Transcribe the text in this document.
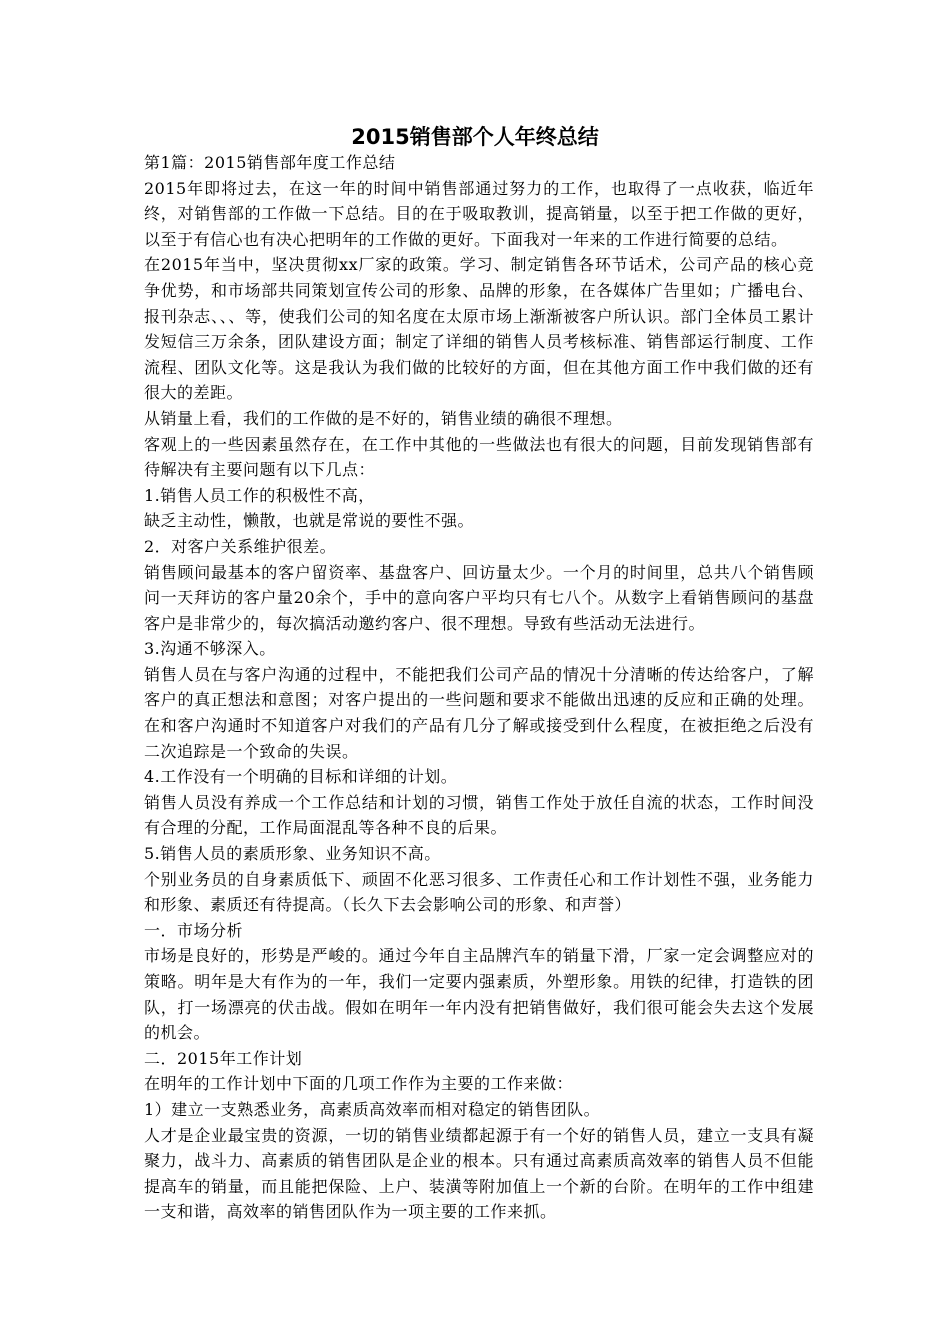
2015销售部个人年终总结

第1篇：2015销售部年度工作总结

2015年即将过去，在这一年的时间中销售部通过努力的工作，也取得了一点收获，临近年终，对销售部的工作做一下总结。目的在于吸取教训，提高销量，以至于把工作做的更好，以至于有信心也有决心把明年的工作做的更好。下面我对一年来的工作进行简要的总结。

在2015年当中，坚决贯彻xx厂家的政策。学习、制定销售各环节话术，公司产品的核心竞争优势，和市场部共同策划宣传公司的形象、品牌的形象，在各媒体广告里如；广播电台、报刊杂志、、、等，使我们公司的知名度在太原市场上渐渐被客户所认识。部门全体员工累计发短信三万余条，团队建设方面；制定了详细的销售人员考核标准、销售部运行制度、工作流程、团队文化等。这是我认为我们做的比较好的方面，但在其他方面工作中我们做的还有很大的差距。

从销量上看，我们的工作做的是不好的，销售业绩的确很不理想。

客观上的一些因素虽然存在，在工作中其他的一些做法也有很大的问题，目前发现销售部有待解决有主要问题有以下几点：

1.销售人员工作的积极性不高，

缺乏主动性，懒散，也就是常说的要性不强。

2．对客户关系维护很差。

销售顾问最基本的客户留资率、基盘客户、回访量太少。一个月的时间里，总共八个销售顾问一天拜访的客户量20余个，手中的意向客户平均只有七八个。从数字上看销售顾问的基盘客户是非常少的，每次搞活动邀约客户、很不理想。导致有些活动无法进行。

3.沟通不够深入。

销售人员在与客户沟通的过程中，不能把我们公司产品的情况十分清晰的传达给客户，了解客户的真正想法和意图；对客户提出的一些问题和要求不能做出迅速的反应和正确的处理。在和客户沟通时不知道客户对我们的产品有几分了解或接受到什么程度，在被拒绝之后没有二次追踪是一个致命的失误。

4.工作没有一个明确的目标和详细的计划。

销售人员没有养成一个工作总结和计划的习惯，销售工作处于放任自流的状态，工作时间没有合理的分配，工作局面混乱等各种不良的后果。

5.销售人员的素质形象、业务知识不高。

个别业务员的自身素质低下、顽固不化恶习很多、工作责任心和工作计划性不强，业务能力和形象、素质还有待提高。（长久下去会影响公司的形象、和声誉）

一．市场分析

市场是良好的，形势是严峻的。通过今年自主品牌汽车的销量下滑，厂家一定会调整应对的策略。明年是大有作为的一年，我们一定要内强素质，外塑形象。用铁的纪律，打造铁的团队，打一场漂亮的伏击战。假如在明年一年内没有把销售做好，我们很可能会失去这个发展的机会。

二．2015年工作计划

在明年的工作计划中下面的几项工作作为主要的工作来做：

1）建立一支熟悉业务，高素质高效率而相对稳定的销售团队。

人才是企业最宝贵的资源，一切的销售业绩都起源于有一个好的销售人员，建立一支具有凝聚力，战斗力、高素质的销售团队是企业的根本。只有通过高素质高效率的销售人员不但能提高车的销量，而且能把保险、上户、装潢等附加值上一个新的台阶。在明年的工作中组建一支和谐，高效率的销售团队作为一项主要的工作来抓。
